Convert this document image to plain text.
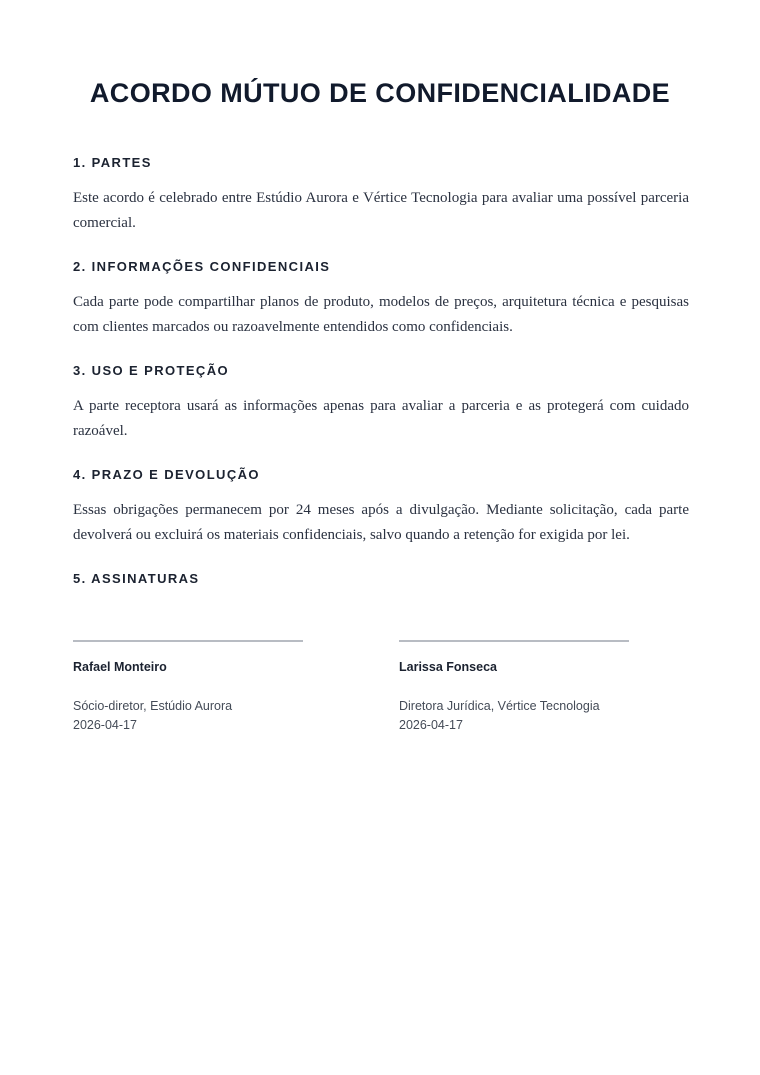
ACORDO MÚTUO DE CONFIDENCIALIDADE
1. PARTES

Este acordo é celebrado entre Estúdio Aurora e Vértice Tecnologia para avaliar uma possível parceria comercial.

2. INFORMAÇÕES CONFIDENCIAIS

Cada parte pode compartilhar planos de produto, modelos de preços, arquitetura técnica e pesquisas com clientes marcados ou razoavelmente entendidos como confidenciais.

3. USO E PROTEÇÃO

A parte receptora usará as informações apenas para avaliar a parceria e as protegerá com cuidado razoável.

4. PRAZO E DEVOLUÇÃO

Essas obrigações permanecem por 24 meses após a divulgação. Mediante solicitação, cada parte devolverá ou excluirá os materiais confidenciais, salvo quando a retenção for exigida por lei.

5. ASSINATURAS
Rafael Monteiro
Sócio-diretor, Estúdio Aurora
2026-04-17
Larissa Fonseca
Diretora Jurídica, Vértice Tecnologia
2026-04-17
